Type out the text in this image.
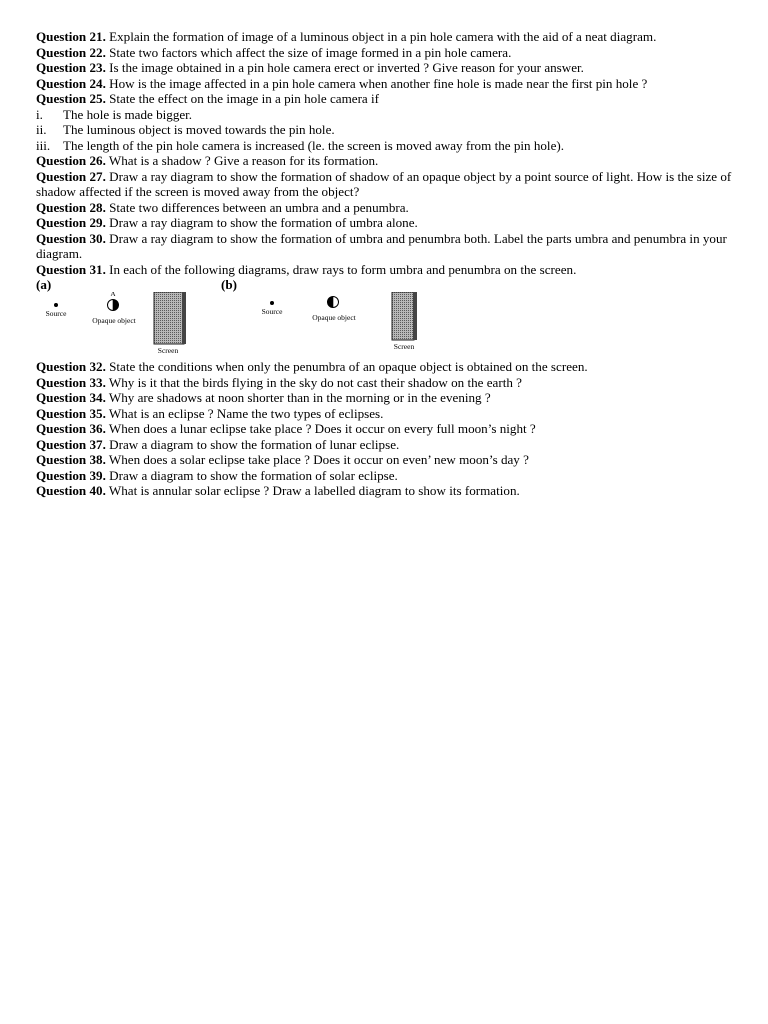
Question 21. Explain the formation of image of a luminous object in a pin hole camera with the aid of a neat diagram.

Question 22. State two factors which affect the size of image formed in a pin hole camera.

Question 23. Is the image obtained in a pin hole camera erect or inverted ? Give reason for your answer.

Question 24. How is the image affected in a pin hole camera when another fine hole is made near the first pin hole ?

Question 25. State the effect on the image in a pin hole camera if

i.	The hole is made bigger.

ii.	The luminous object is moved towards the pin hole.

iii. The length of the pin hole camera is increased (le. the screen is moved away from the pin hole).

Question 26. What is a shadow ? Give a reason for its formation.

Question 27. Draw a ray diagram to show the formation of shadow of an opaque object by a point source of light. How is the size of shadow affected if the screen is moved away from the object?

Question 28. State two differences between an umbra and a penumbra.

Question 29. Draw a ray diagram to show the formation of umbra alone.

Question 30. Draw a ray diagram to show the formation of umbra and penumbra both. Label the parts umbra and penumbra in your diagram.

Question 31. In each of the following diagrams, draw rays to form umbra and penumbra on the screen.

(a)	(b)
Source
A
Opaque object
Screen
Source
Opaque object
Screen

Question 32. State the conditions when only the penumbra of an opaque object is obtained on the screen.

Question 33. Why is it that the birds flying in the sky do not cast their shadow on the earth ?

Question 34. Why are shadows at noon shorter than in the morning or in the evening ?

Question 35. What is an eclipse ? Name the two types of eclipses.

Question 36. When does a lunar eclipse take place ? Does it occur on every full moon’s night ?

Question 37. Draw a diagram to show the formation of lunar eclipse.

Question 38. When does a solar eclipse take place ? Does it occur on even’ new moon’s day ?

Question 39. Draw a diagram to show the formation of solar eclipse.

Question 40. What is annular solar eclipse ? Draw a labelled diagram to show its formation.
